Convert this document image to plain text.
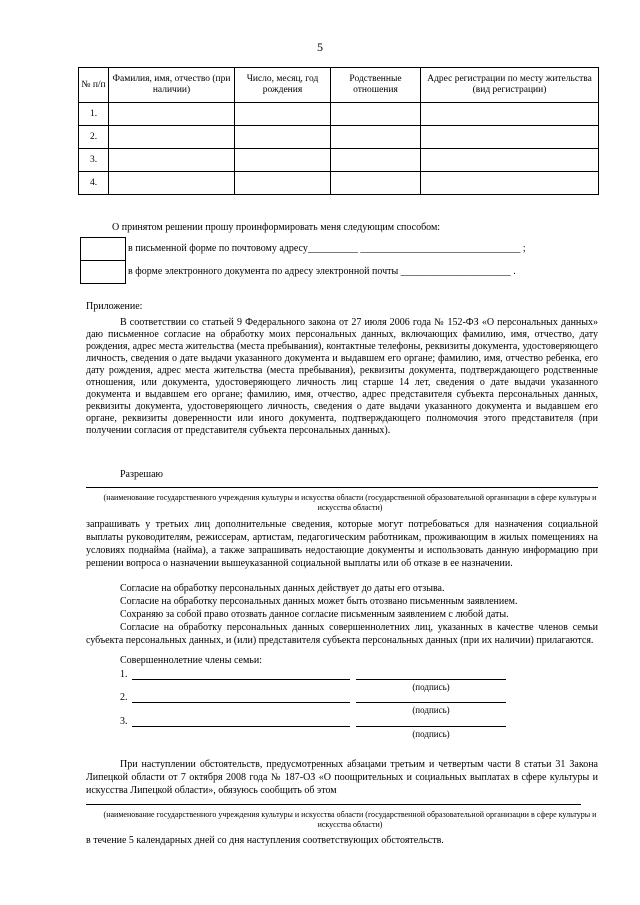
5
№ п/п	Фамилия, имя, отчество (при наличии)	Число, месяц, год рождения	Родственные отношения	Адрес регистрации по месту жительства (вид регистрации)
1.				
2.				
3.				
4.				
О принятом решении прошу проинформировать меня следующим способом:
в письменной форме по почтовому адресу__________ ________________________________ ;
в форме электронного документа по адресу электронной почты ______________________ .
Приложение:
В соответствии со статьей 9 Федерального закона от 27 июля 2006 года № 152-ФЗ «О персональных данных» даю письменное согласие на обработку моих персональных данных, включающих фамилию, имя, отчество, дату рождения, адрес места жительства (места пребывания), контактные телефоны, реквизиты документа, удостоверяющего личность, сведения о дате выдачи указанного документа и выдавшем его органе; фамилию, имя, отчество ребенка, его дату рождения, адрес места жительства (места пребывания), реквизиты документа, подтверждающего родственные отношения, или документа, удостоверяющего личность лиц старше 14 лет, сведения о дате выдачи указанного документа и выдавшем его органе; фамилию, имя, отчество, адрес представителя субъекта персональных данных, реквизиты документа, удостоверяющего личность, сведения о дате выдачи указанного документа и выдавшем его органе, реквизиты доверенности или иного документа, подтверждающего полномочия этого представителя (при получении согласия от представителя субъекта персональных данных).
Разрешаю
(наименование государственного учреждения культуры и искусства области (государственной образовательной организации в сфере культуры и искусства области)
запрашивать у третьих лиц дополнительные сведения, которые могут потребоваться для назначения социальной выплаты руководителям, режиссерам, артистам, педагогическим работникам, проживающим в жилых помещениях на условиях поднайма (найма), а также запрашивать недостающие документы и использовать данную информацию при решении вопроса о назначении вышеуказанной социальной выплаты или об отказе в ее назначении.
Согласие на обработку персональных данных действует до даты его отзыва.
Согласие на обработку персональных данных может быть отозвано письменным заявлением.
Сохраняю за собой право отозвать данное согласие письменным заявлением с любой даты.
Согласие на обработку персональных данных совершеннолетних лиц, указанных в качестве членов семьи субъекта персональных данных, и (или) представителя субъекта персональных данных (при их наличии) прилагаются.
Совершеннолетние члены семьи:
1.
(подпись)
2.
(подпись)
3.
(подпись)
При наступлении обстоятельств, предусмотренных абзацами третьим и четвертым части 8 статьи 31 Закона Липецкой области от 7 октября 2008 года № 187-ОЗ «О поощрительных и социальных выплатах в сфере культуры и искусства Липецкой области», обязуюсь сообщить об этом
(наименование государственного учреждения культуры и искусства области (государственной образовательной организации в сфере культуры и искусства области)
в течение 5 календарных дней со дня наступления соответствующих обстоятельств.
